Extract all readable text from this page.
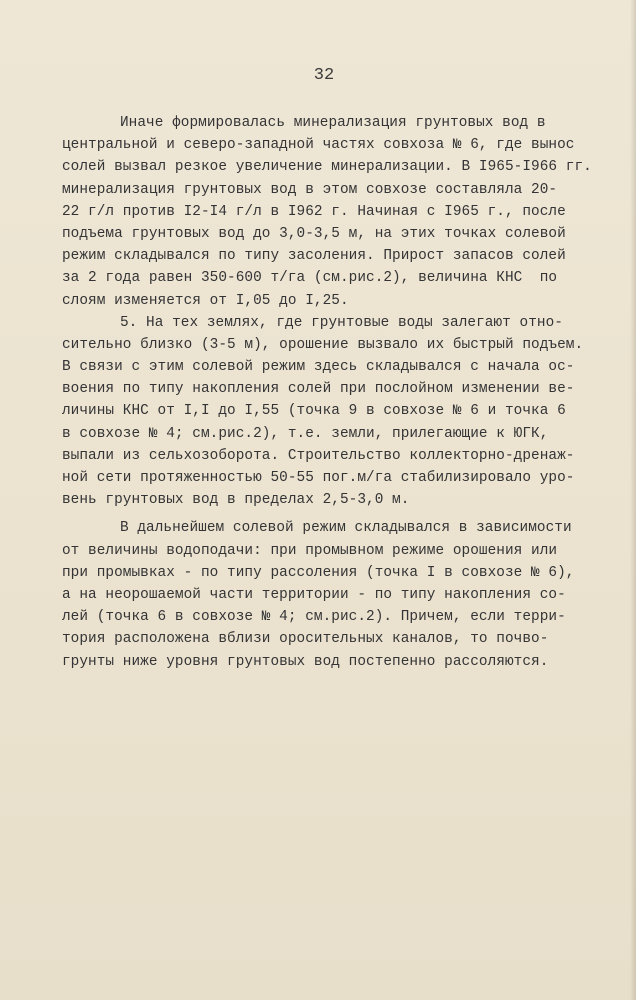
32
Иначе формировалась минерализация грунтовых вод в
центральной и северо-западной частях совхоза № 6, где вынос
солей вызвал резкое увеличение минерализации. В I965-I966 гг.
минерализация грунтовых вод в этом совхозе составляла 20-
22 г/л против I2-I4 г/л в I962 г. Начиная с I965 г., после
подъема грунтовых вод до 3,0-3,5 м, на этих точках солевой
режим складывался по типу засоления. Прирост запасов солей
за 2 года равен 350-600 т/га (см.рис.2), величина КНС  по
слоям изменяется от I,05 до I,25.
5. На тех землях, где грунтовые воды залегают отно-
сительно близко (3-5 м), орошение вызвало их быстрый подъем.
В связи с этим солевой режим здесь складывался с начала ос-
воения по типу накопления солей при послойном изменении ве-
личины КНС от I,I до I,55 (точка 9 в совхозе № 6 и точка 6
в совхозе № 4; см.рис.2), т.е. земли, прилегающие к ЮГК,
выпали из сельхозоборота. Строительство коллекторно-дренаж-
ной сети протяженностью 50-55 пог.м/га стабилизировало уро-
вень грунтовых вод в пределах 2,5-3,0 м.
В дальнейшем солевой режим складывался в зависимости
от величины водоподачи: при промывном режиме орошения или
при промывках - по типу рассоления (точка I в совхозе № 6),
а на неорошаемой части территории - по типу накопления со-
лей (точка 6 в совхозе № 4; см.рис.2). Причем, если терри-
тория расположена вблизи оросительных каналов, то почво-
грунты ниже уровня грунтовых вод постепенно рассоляются.
